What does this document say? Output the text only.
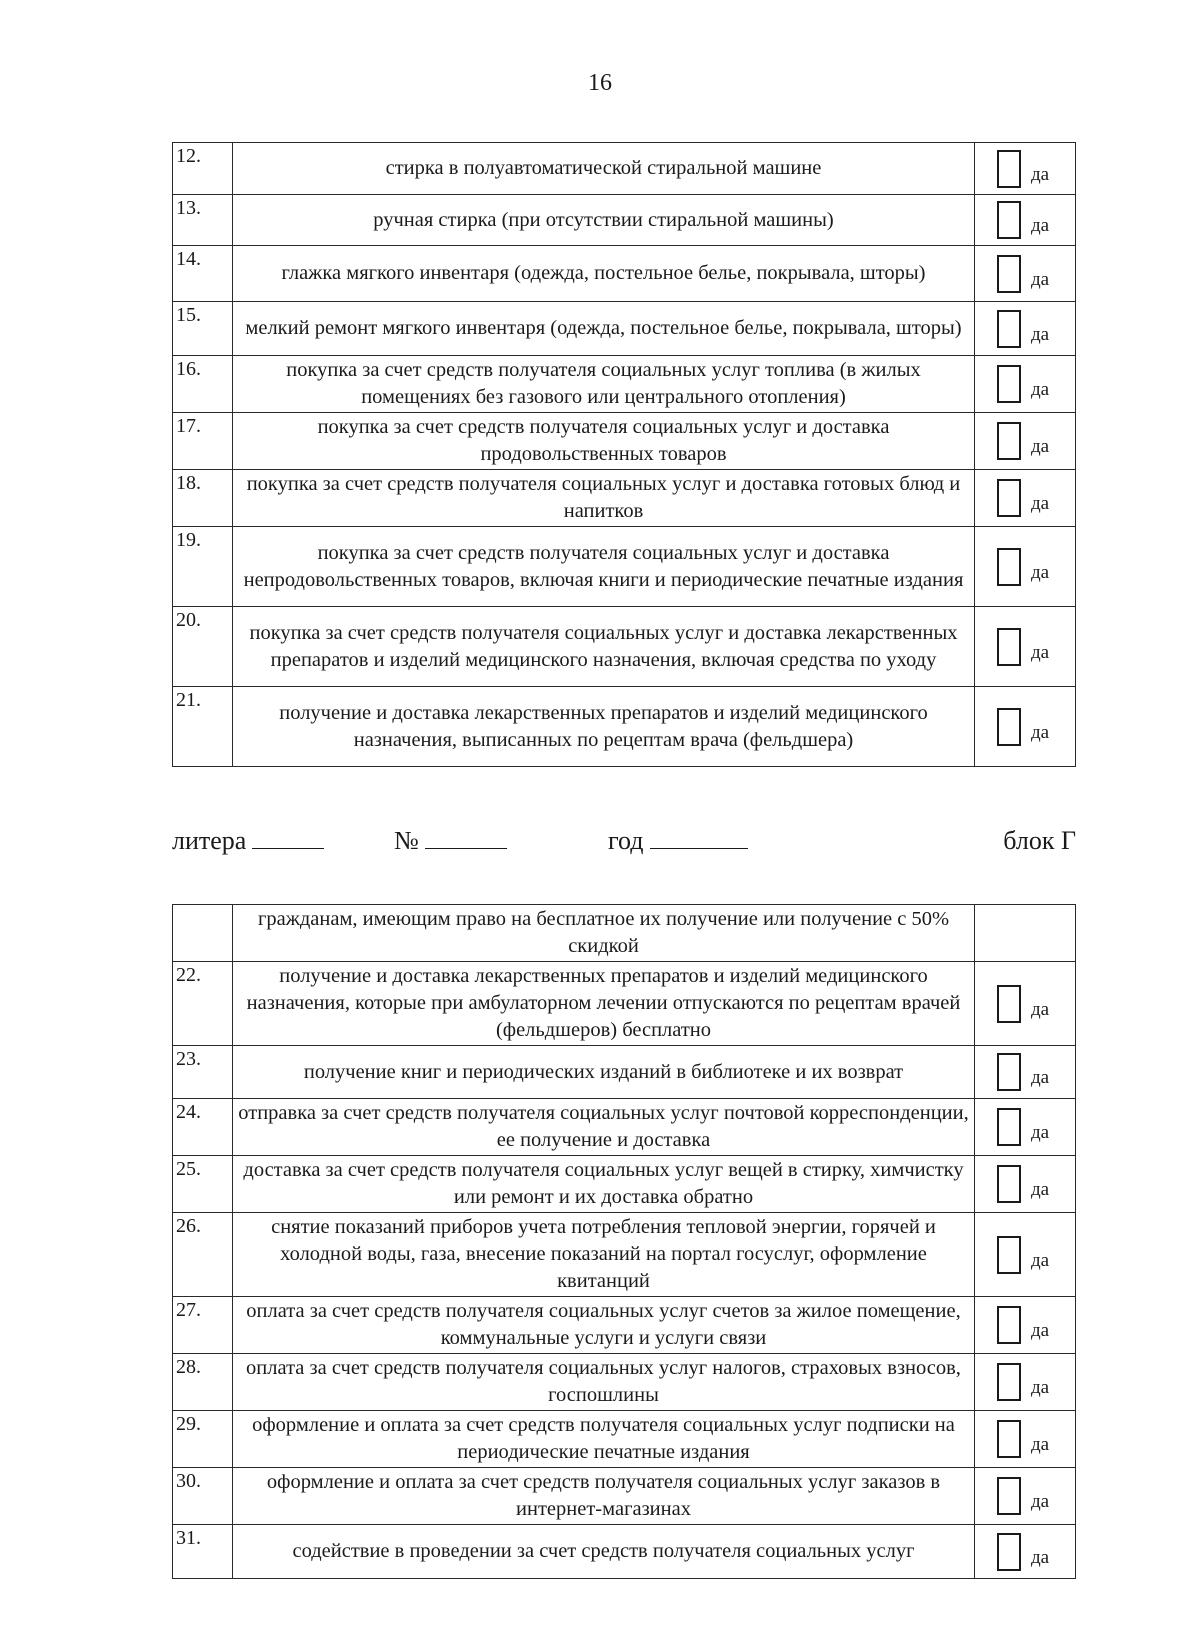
16
12.	стирка в полуавтоматической стиральной машине	да

13.	ручная стирка (при отсутствии стиральной машины)	да

14.	глажка мягкого инвентаря (одежда, постельное белье, покрывала, шторы)	да

15.	мелкий ремонт мягкого инвентаря (одежда, постельное белье, покрывала, шторы)	да

16.	покупка за счет средств получателя социальных услуг топлива (в жилых помещениях без газового или центрального отопления)	да

17.	покупка за счет средств получателя социальных услуг и доставка продовольственных товаров	да

18.	покупка за счет средств получателя социальных услуг и доставка готовых блюд и напитков	да

19.	покупка за счет средств получателя социальных услуг и доставка непродовольственных товаров, включая книги и периодические печатные издания	да

20.	покупка за счет средств получателя социальных услуг и доставка лекарственных препаратов и изделий медицинского назначения, включая средства по уходу	да

21.	получение и доставка лекарственных препаратов и изделий медицинского назначения, выписанных по рецептам врача (фельдшера)	да
литера	№	год	блок Г
	гражданам, имеющим право на бесплатное их получение или получение с 50% скидкой	
22.	получение и доставка лекарственных препаратов и изделий медицинского назначения, которые при амбулаторном лечении отпускаются по рецептам врачей (фельдшеров) бесплатно	да

23.	получение книг и периодических изданий в библиотеке и их возврат	да

24.	отправка за счет средств получателя социальных услуг почтовой корреспонденции, ее получение и доставка	да

25.	доставка за счет средств получателя социальных услуг вещей в стирку, химчистку или ремонт и их доставка обратно	да

26.	снятие показаний приборов учета потребления тепловой энергии, горячей и холодной воды, газа, внесение показаний на портал госуслуг, оформление квитанций	да

27.	оплата за счет средств получателя социальных услуг счетов за жилое помещение, коммунальные услуги и услуги связи	да

28.	оплата за счет средств получателя социальных услуг налогов, страховых взносов, госпошлины	да

29.	оформление и оплата за счет средств получателя социальных услуг подписки на периодические печатные издания	да

30.	оформление и оплата за счет средств получателя социальных услуг заказов в интернет-магазинах	да

31.	содействие в проведении за счет средств получателя социальных услуг	да
